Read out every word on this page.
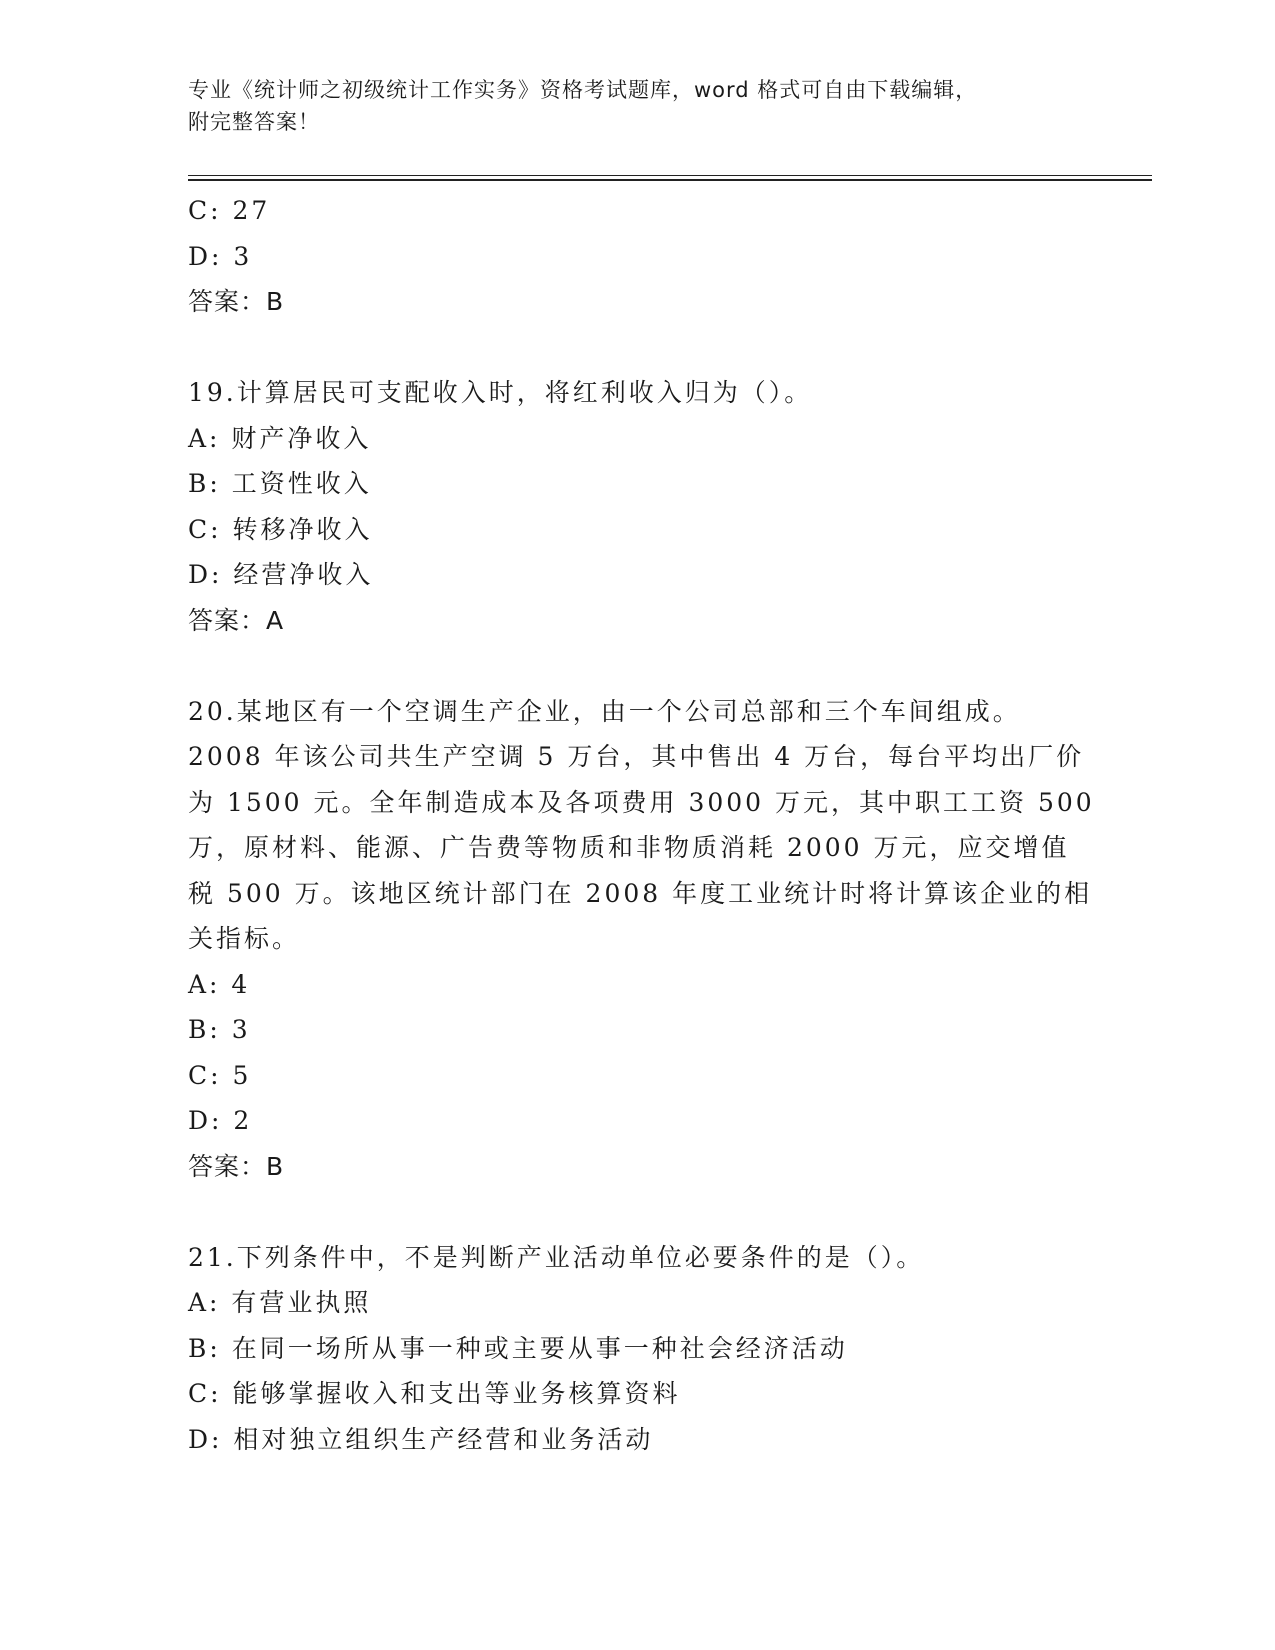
专业《统计师之初级统计工作实务》资格考试题库，word 格式可自由下载编辑，
附完整答案！
C: 27
D: 3
答案：B
19.计算居民可支配收入时，将红利收入归为（）。
A: 财产净收入
B: 工资性收入
C: 转移净收入
D: 经营净收入
答案：A
20.某地区有一个空调生产企业，由一个公司总部和三个车间组成。
2008 年该公司共生产空调 5 万台，其中售出 4 万台，每台平均出厂价
为 1500 元。全年制造成本及各项费用 3000 万元，其中职工工资 500
万，原材料、能源、广告费等物质和非物质消耗 2000 万元，应交增值
税 500 万。该地区统计部门在 2008 年度工业统计时将计算该企业的相
关指标。
A: 4
B: 3
C: 5
D: 2
答案：B
21.下列条件中，不是判断产业活动单位必要条件的是（）。
A: 有营业执照
B: 在同一场所从事一种或主要从事一种社会经济活动
C: 能够掌握收入和支出等业务核算资料
D: 相对独立组织生产经营和业务活动
